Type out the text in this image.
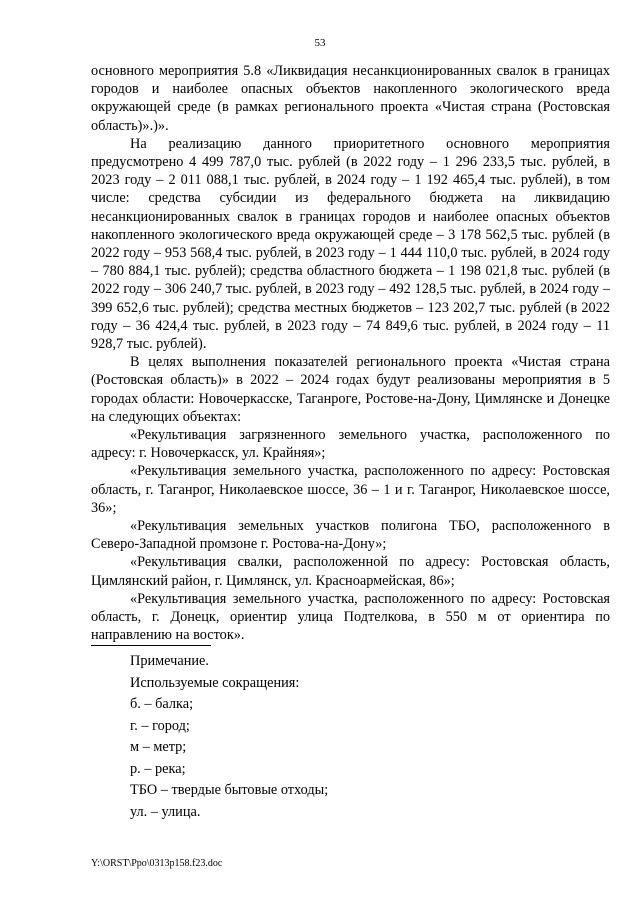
53

основного мероприятия 5.8 «Ликвидация несанкционированных свалок в границах городов и наиболее опасных объектов накопленного экологического вреда окружающей среде (в рамках регионального проекта «Чистая страна (Ростовская область)».)».

На реализацию данного приоритетного основного мероприятия предусмотрено 4 499 787,0 тыс. рублей (в 2022 году – 1 296 233,5 тыс. рублей, в 2023 году – 2 011 088,1 тыс. рублей, в 2024 году – 1 192 465,4 тыс. рублей), в том числе: средства субсидии из федерального бюджета на ликвидацию несанкционированных свалок в границах городов и наиболее опасных объектов накопленного экологического вреда окружающей среде – 3 178 562,5 тыс. рублей (в 2022 году – 953 568,4 тыс. рублей, в 2023 году – 1 444 110,0 тыс. рублей, в 2024 году – 780 884,1 тыс. рублей); средства областного бюджета – 1 198 021,8 тыс. рублей (в 2022 году – 306 240,7 тыс. рублей, в 2023 году – 492 128,5 тыс. рублей, в 2024 году – 399 652,6 тыс. рублей); средства местных бюджетов – 123 202,7 тыс. рублей (в 2022 году – 36 424,4 тыс. рублей, в 2023 году – 74 849,6 тыс. рублей, в 2024 году – 11 928,7 тыс. рублей).

В целях выполнения показателей регионального проекта «Чистая страна (Ростовская область)» в 2022 – 2024 годах будут реализованы мероприятия в 5 городах области: Новочеркасске, Таганроге, Ростове-на-Дону, Цимлянске и Донецке на следующих объектах:

«Рекультивация загрязненного земельного участка, расположенного по адресу: г. Новочеркасск, ул. Крайняя»;

«Рекультивация земельного участка, расположенного по адресу: Ростовская область, г. Таганрог, Николаевское шоссе, 36 – 1 и г. Таганрог, Николаевское шоссе, 36»;

«Рекультивация земельных участков полигона ТБО, расположенного в Северо-Западной промзоне г. Ростова-на-Дону»;

«Рекультивация свалки, расположенной по адресу: Ростовская область, Цимлянский район, г. Цимлянск, ул. Красноармейская, 86»;

«Рекультивация земельного участка, расположенного по адресу: Ростовская область, г. Донецк, ориентир улица Подтелкова, в 550 м от ориентира по направлению на восток».

Примечание.
Используемые сокращения:
б. – балка;
г. – город;
м – метр;
р. – река;
ТБО – твердые бытовые отходы;
ул. – улица.
Y:\ORST\Ppo\0313p158.f23.doc
